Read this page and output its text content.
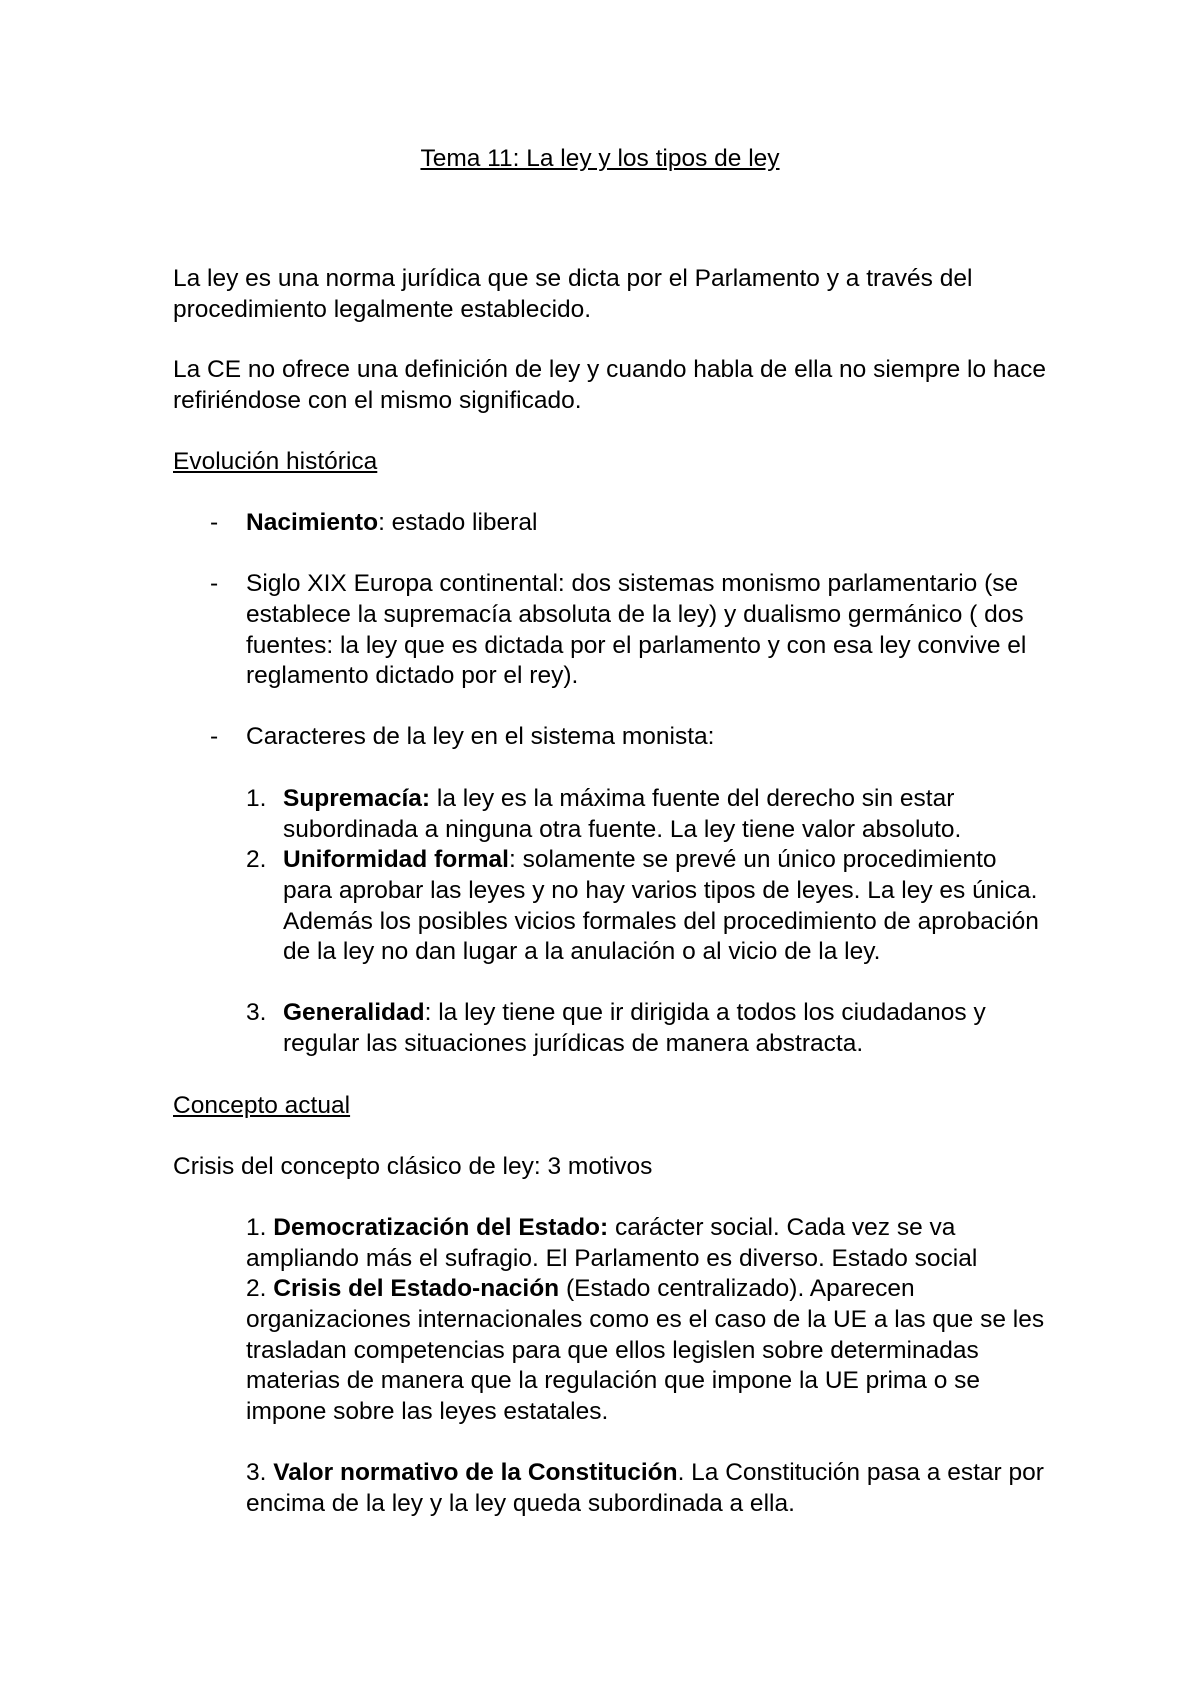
Tema 11: La ley y los tipos de ley

La ley es una norma jurídica que se dicta por el Parlamento y a través del procedimiento legalmente establecido.

La CE no ofrece una definición de ley y cuando habla de ella no siempre lo hace refiriéndose con el mismo significado.

Evolución histórica

- Nacimiento: estado liberal
- Siglo XIX Europa continental: dos sistemas monismo parlamentario (se establece la supremacía absoluta de la ley) y dualismo germánico ( dos fuentes: la ley que es dictada por el parlamento y con esa ley convive el reglamento dictado por el rey).
- Caracteres de la ley en el sistema monista:
1. Supremacía: la ley es la máxima fuente del derecho sin estar subordinada a ninguna otra fuente. La ley tiene valor absoluto.
2. Uniformidad formal: solamente se prevé un único procedimiento para aprobar las leyes y no hay varios tipos de leyes. La ley es única. Además los posibles vicios formales del procedimiento de aprobación de la ley no dan lugar a la anulación o al vicio de la ley.
3. Generalidad: la ley tiene que ir dirigida a todos los ciudadanos y regular las situaciones jurídicas de manera abstracta.

Concepto actual

Crisis del concepto clásico de ley: 3 motivos

1. Democratización del Estado: carácter social. Cada vez se va ampliando más el sufragio. El Parlamento es diverso. Estado social

2. Crisis del Estado-nación (Estado centralizado). Aparecen organizaciones internacionales como es el caso de la UE a las que se les trasladan competencias para que ellos legislen sobre determinadas materias de manera que la regulación que impone la UE prima o se impone sobre las leyes estatales.

3. Valor normativo de la Constitución. La Constitución pasa a estar por encima de la ley y la ley queda subordinada a ella.
